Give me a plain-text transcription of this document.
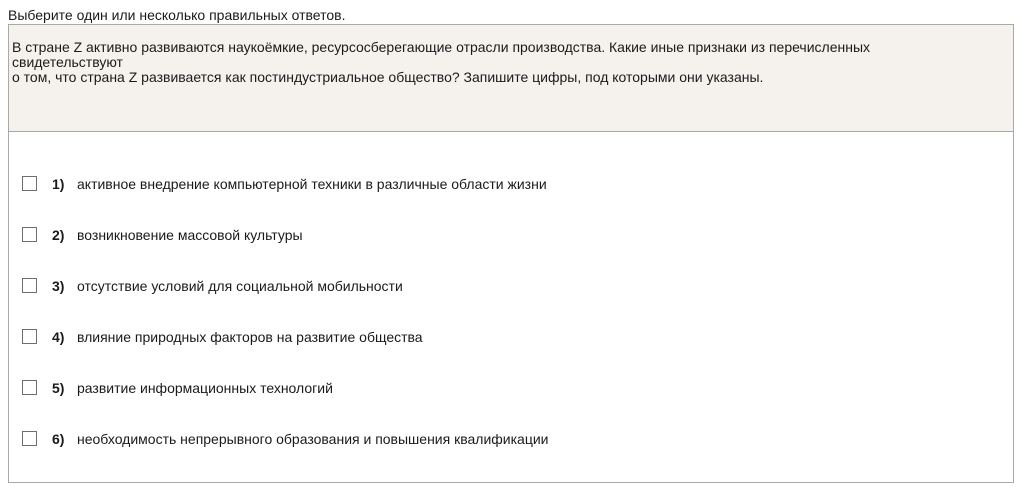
Выберите один или несколько правильных ответов.
В стране Z активно развиваются наукоёмкие, ресурсосберегающие отрасли производства. Какие иные признаки из перечисленных
свидетельствуют
о том, что страна Z развивается как постиндустриальное общество? Запишите цифры, под которыми они указаны.
1) активное внедрение компьютерной техники в различные области жизни
2) возникновение массовой культуры
3) отсутствие условий для социальной мобильности
4) влияние природных факторов на развитие общества
5) развитие информационных технологий
6) необходимость непрерывного образования и повышения квалификации
